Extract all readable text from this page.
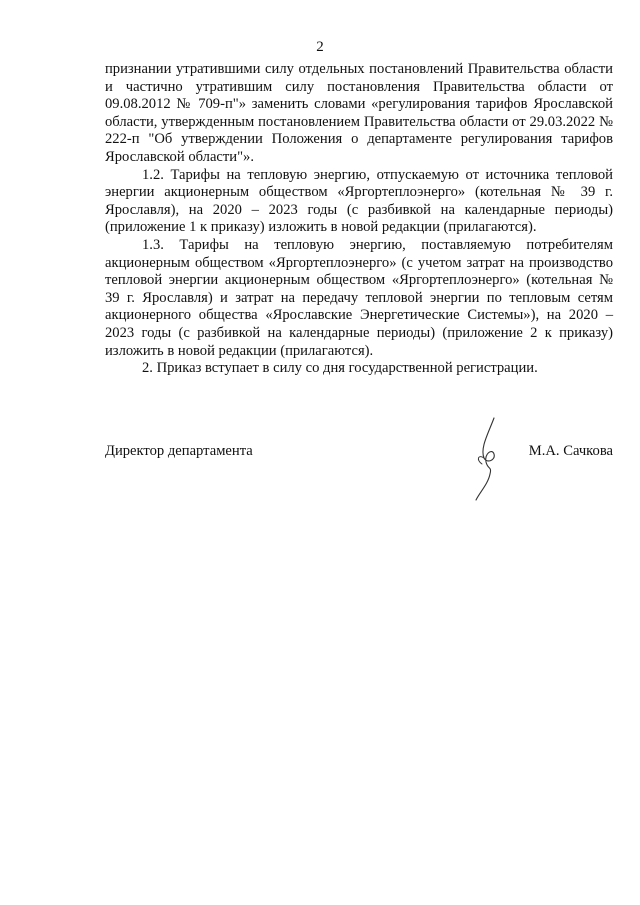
2

признании утратившими силу отдельных постановлений Правительства области и частично утратившим силу постановления Правительства области от 09.08.2012 № 709-п"» заменить словами «регулирования тарифов Ярославской области, утвержденным постановлением Правительства области от 29.03.2022 № 222-п "Об утверждении Положения о департаменте регулирования тарифов Ярославской области"».

1.2. Тарифы на тепловую энергию, отпускаемую от источника тепловой энергии акционерным обществом «Яргортеплоэнерго» (котельная № 39 г. Ярославля), на 2020 – 2023 годы (с разбивкой на календарные периоды) (приложение 1 к приказу) изложить в новой редакции (прилагаются).

1.3. Тарифы на тепловую энергию, поставляемую потребителям акционерным обществом «Яргортеплоэнерго» (с учетом затрат на производство тепловой энергии акционерным обществом «Яргортеплоэнерго» (котельная № 39 г. Ярославля) и затрат на передачу тепловой энергии по тепловым сетям акционерного общества «Ярославские Энергетические Системы»), на 2020 – 2023 годы (с разбивкой на календарные периоды) (приложение 2 к приказу) изложить в новой редакции (прилагаются).

2. Приказ вступает в силу со дня государственной регистрации.

Директор департамента	М.А. Сачкова
